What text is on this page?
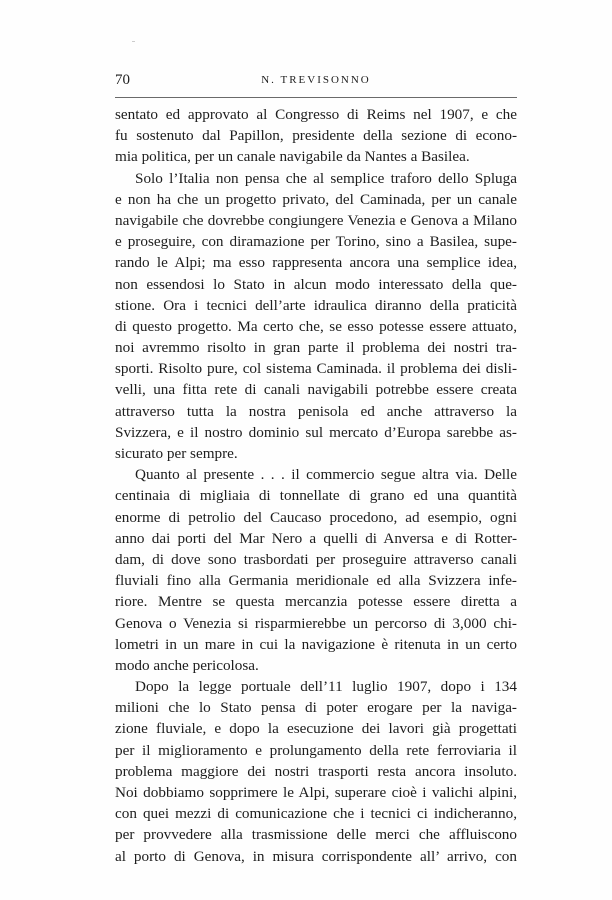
70	N. TREVISONNO
sentato ed approvato al Congresso di Reims nel 1907, e che
fu sostenuto dal Papillon, presidente della sezione di econo-
mia politica, per un canale navigabile da Nantes a Basilea.
Solo l’Italia non pensa che al semplice traforo dello Spluga
e non ha che un progetto privato, del Caminada, per un canale
navigabile che dovrebbe congiungere Venezia e Genova a Milano
e proseguire, con diramazione per Torino, sino a Basilea, supe-
rando le Alpi; ma esso rappresenta ancora una semplice idea,
non essendosi lo Stato in alcun modo interessato della que-
stione. Ora i tecnici dell’arte idraulica diranno della praticità
di questo progetto. Ma certo che, se esso potesse essere attuato,
noi avremmo risolto in gran parte il problema dei nostri tra-
sporti. Risolto pure, col sistema Caminada. il problema dei disli-
velli, una fitta rete di canali navigabili potrebbe essere creata
attraverso tutta la nostra penisola ed anche attraverso la
Svizzera, e il nostro dominio sul mercato d’Europa sarebbe as-
sicurato per sempre.
Quanto al presente . . . il commercio segue altra via. Delle
centinaia di migliaia di tonnellate di grano ed una quantità
enorme di petrolio del Caucaso procedono, ad esempio, ogni
anno dai porti del Mar Nero a quelli di Anversa e di Rotter-
dam, di dove sono trasbordati per proseguire attraverso canali
fluviali fino alla Germania meridionale ed alla Svizzera infe-
riore. Mentre se questa mercanzia potesse essere diretta a
Genova o Venezia si risparmierebbe un percorso di 3,000 chi-
lometri in un mare in cui la navigazione è ritenuta in un certo
modo anche pericolosa.
Dopo la legge portuale dell’11 luglio 1907, dopo i 134
milioni che lo Stato pensa di poter erogare per la naviga-
zione fluviale, e dopo la esecuzione dei lavori già progettati
per il miglioramento e prolungamento della rete ferroviaria il
problema maggiore dei nostri trasporti resta ancora insoluto.
Noi dobbiamo sopprimere le Alpi, superare cioè i valichi alpini,
con quei mezzi di comunicazione che i tecnici ci indicheranno,
per provvedere alla trasmissione delle merci che affluiscono
al porto di Genova, in misura corrispondente all’ arrivo, con
